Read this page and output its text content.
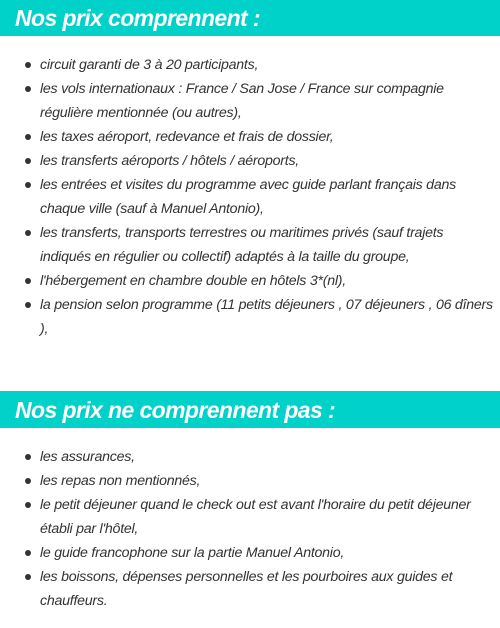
Nos prix comprennent :
circuit garanti de 3 à 20 participants,
les vols internationaux : France / San Jose / France sur compagnie régulière mentionnée (ou autres),
les taxes aéroport, redevance et frais de dossier,
les transferts aéroports / hôtels / aéroports,
les entrées et visites du programme avec guide parlant français dans chaque ville (sauf à Manuel Antonio),
les transferts, transports terrestres ou maritimes privés (sauf trajets indiqués en régulier ou collectif) adaptés à la taille du groupe,
l'hébergement en chambre double en hôtels 3*(nl),
la pension selon programme (11 petits déjeuners , 07 déjeuners , 06 dîners ),
Nos prix ne comprennent pas :
les assurances,
les repas non mentionnés,
le petit déjeuner quand le check out est avant l'horaire du petit déjeuner établi par l'hôtel,
le guide francophone sur la partie Manuel Antonio,
les boissons, dépenses personnelles et les pourboires aux guides et chauffeurs.
